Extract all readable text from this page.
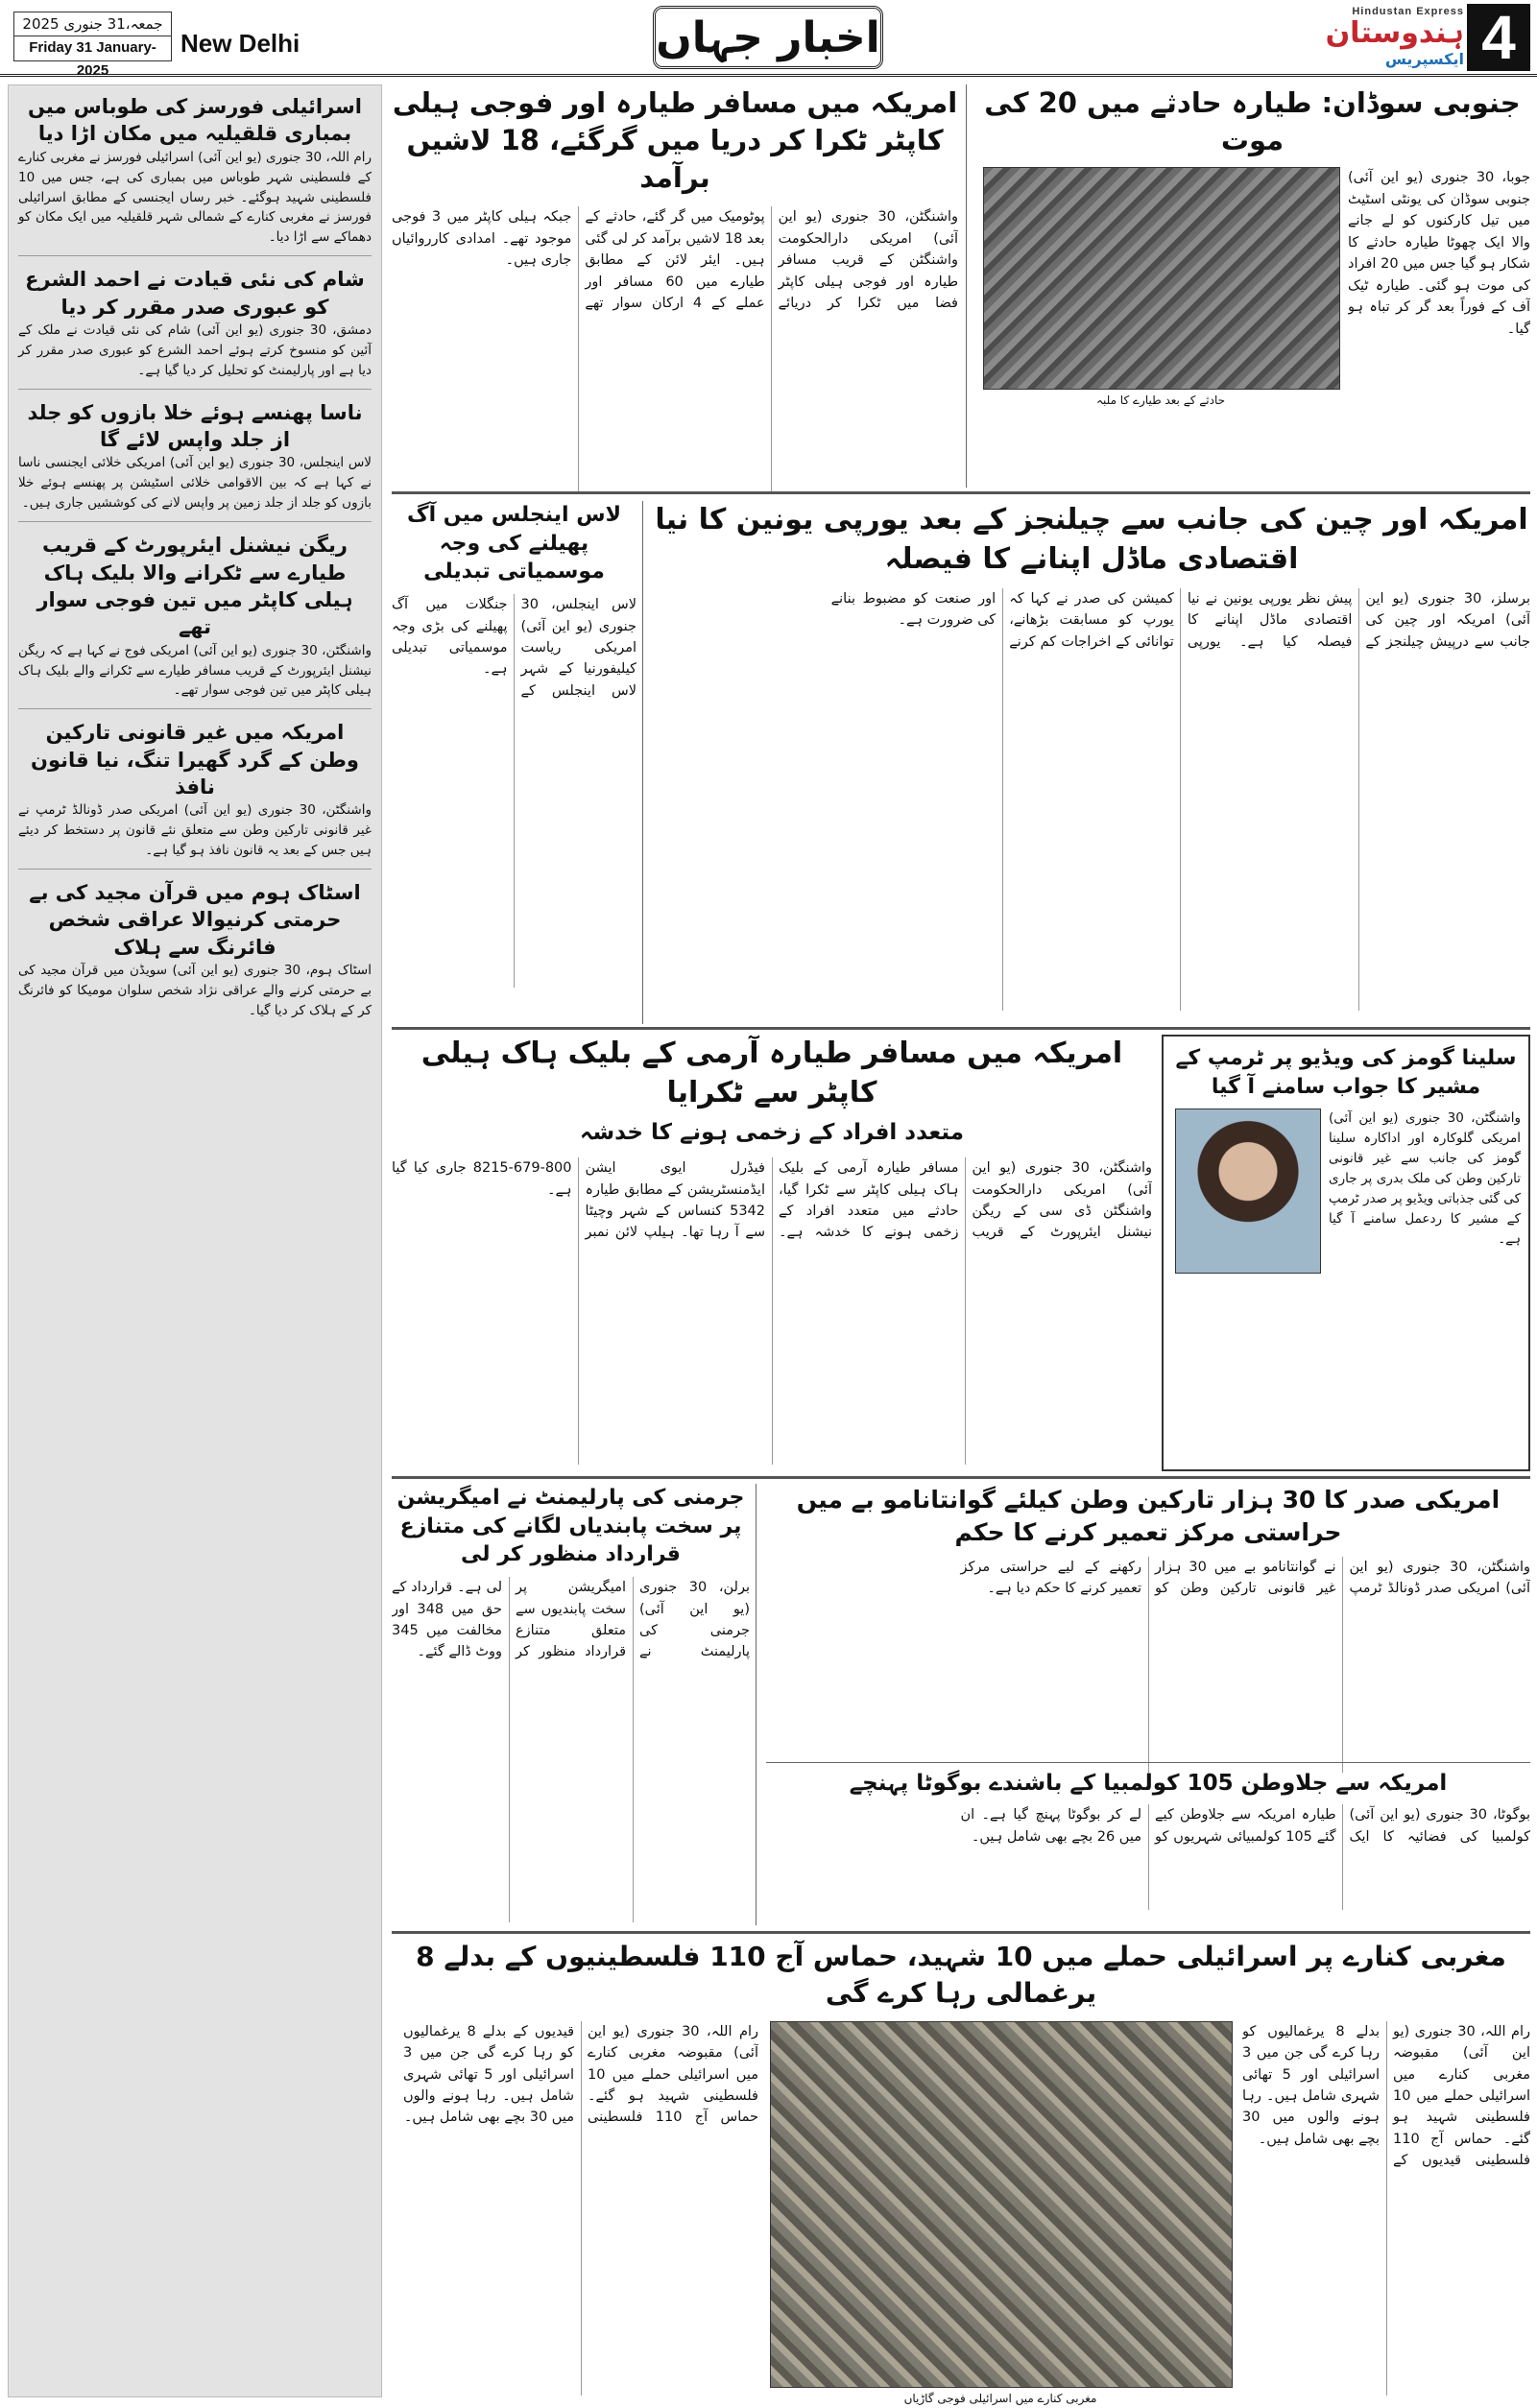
جمعہ،31 جنوری 2025
Friday 31 January-2025
New Delhi	اخبار جہاں
Hindustan Express
ہندوستان
ایکسپریس 4
اسرائیلی فورسز کی طوباس میں بمباری قلقیلیہ میں مکان اڑا دیا
رام اللہ، 30 جنوری (یو این آئی) اسرائیلی فورسز نے مغربی کنارے کے فلسطینی شہر طوباس میں بمباری کی ہے، جس میں 10 فلسطینی شہید ہوگئے۔ خبر رساں ایجنسی کے مطابق اسرائیلی فورسز نے مغربی کنارے کے شمالی شہر قلقیلیہ میں ایک مکان کو دھماکے سے اڑا دیا۔
شام کی نئی قیادت نے احمد الشرع کو عبوری صدر مقرر کر دیا
دمشق، 30 جنوری (یو این آئی) شام کی نئی قیادت نے ملک کے آئین کو منسوخ کرتے ہوئے احمد الشرع کو عبوری صدر مقرر کر دیا ہے اور پارلیمنٹ کو تحلیل کر دیا گیا ہے۔
ناسا پھنسے ہوئے خلا بازوں کو جلد از جلد واپس لائے گا
لاس اینجلس، 30 جنوری (یو این آئی) امریکی خلائی ایجنسی ناسا نے کہا ہے کہ بین الاقوامی خلائی اسٹیشن پر پھنسے ہوئے خلا بازوں کو جلد از جلد زمین پر واپس لانے کی کوششیں جاری ہیں۔
ریگن نیشنل ایئرپورٹ کے قریب طیارے سے ٹکرانے والا بلیک ہاک ہیلی کاپٹر میں تین فوجی سوار تھے
واشنگٹن، 30 جنوری (یو این آئی) امریکی فوج نے کہا ہے کہ ریگن نیشنل ایئرپورٹ کے قریب مسافر طیارے سے ٹکرانے والے بلیک ہاک ہیلی کاپٹر میں تین فوجی سوار تھے۔
امریکہ میں غیر قانونی تارکین وطن کے گرد گھیرا تنگ، نیا قانون نافذ
واشنگٹن، 30 جنوری (یو این آئی) امریکی صدر ڈونالڈ ٹرمپ نے غیر قانونی تارکین وطن سے متعلق نئے قانون پر دستخط کر دیئے ہیں جس کے بعد یہ قانون نافذ ہو گیا ہے۔
اسٹاک ہوم میں قرآن مجید کی بے حرمتی کرنیوالا عراقی شخص فائرنگ سے ہلاک
اسٹاک ہوم، 30 جنوری (یو این آئی) سویڈن میں قرآن مجید کی بے حرمتی کرنے والے عراقی نژاد شخص سلوان مومیکا کو فائرنگ کر کے ہلاک کر دیا گیا۔
امریکہ میں مسافر طیارہ اور فوجی ہیلی کاپٹر ٹکرا کر دریا میں گرگئے، 18 لاشیں برآمد
واشنگٹن، 30 جنوری (یو این آئی) امریکی دارالحکومت واشنگٹن کے قریب مسافر طیارہ اور فوجی ہیلی کاپٹر فضا میں ٹکرا کر دریائے پوٹومیک میں گر گئے، حادثے کے بعد 18 لاشیں برآمد کر لی گئی ہیں۔ ایئر لائن کے مطابق طیارے میں 60 مسافر اور عملے کے 4 ارکان سوار تھے جبکہ ہیلی کاپٹر میں 3 فوجی موجود تھے۔ امدادی کارروائیاں جاری ہیں۔
جنوبی سوڈان: طیارہ حادثے میں 20 کی موت
جوبا، 30 جنوری (یو این آئی) جنوبی سوڈان کی یونٹی اسٹیٹ میں تیل کارکنوں کو لے جانے والا ایک چھوٹا طیارہ حادثے کا شکار ہو گیا جس میں 20 افراد کی موت ہو گئی۔ طیارہ ٹیک آف کے فوراً بعد گر کر تباہ ہو گیا۔
حادثے کے بعد طیارے کا ملبہ
امریکہ اور چین کی جانب سے چیلنجز کے بعد یورپی یونین کا نیا اقتصادی ماڈل اپنانے کا فیصلہ
برسلز، 30 جنوری (یو این آئی) امریکہ اور چین کی جانب سے درپیش چیلنجز کے پیش نظر یورپی یونین نے نیا اقتصادی ماڈل اپنانے کا فیصلہ کیا ہے۔ یورپی کمیشن کی صدر نے کہا کہ یورپ کو مسابقت بڑھانے، توانائی کے اخراجات کم کرنے اور صنعت کو مضبوط بنانے کی ضرورت ہے۔
لاس اینجلس میں آگ پھیلنے کی وجہ موسمیاتی تبدیلی
لاس اینجلس، 30 جنوری (یو این آئی) امریکی ریاست کیلیفورنیا کے شہر لاس اینجلس کے جنگلات میں آگ پھیلنے کی بڑی وجہ موسمیاتی تبدیلی ہے۔
سلینا گومز کی ویڈیو پر ٹرمپ کے مشیر کا جواب سامنے آ گیا
واشنگٹن، 30 جنوری (یو این آئی) امریکی گلوکارہ اور اداکارہ سلینا گومز کی جانب سے غیر قانونی تارکین وطن کی ملک بدری پر جاری کی گئی جذباتی ویڈیو پر صدر ٹرمپ کے مشیر کا ردعمل سامنے آ گیا ہے۔
امریکہ میں مسافر طیارہ آرمی کے بلیک ہاک ہیلی کاپٹر سے ٹکرایا
متعدد افراد کے زخمی ہونے کا خدشہ
واشنگٹن، 30 جنوری (یو این آئی) امریکی دارالحکومت واشنگٹن ڈی سی کے ریگن نیشنل ایئرپورٹ کے قریب مسافر طیارہ آرمی کے بلیک ہاک ہیلی کاپٹر سے ٹکرا گیا، حادثے میں متعدد افراد کے زخمی ہونے کا خدشہ ہے۔ فیڈرل ایوی ایشن ایڈمنسٹریشن کے مطابق طیارہ 5342 کنساس کے شہر وچیٹا سے آ رہا تھا۔ ہیلپ لائن نمبر 800-679-8215 جاری کیا گیا ہے۔
جرمنی کی پارلیمنٹ نے امیگریشن پر سخت پابندیاں لگانے کی متنازع قرارداد منظور کر لی
برلن، 30 جنوری (یو این آئی) جرمنی کی پارلیمنٹ نے امیگریشن پر سخت پابندیوں سے متعلق متنازع قرارداد منظور کر لی ہے۔ قرارداد کے حق میں 348 اور مخالفت میں 345 ووٹ ڈالے گئے۔
امریکی صدر کا 30 ہزار تارکین وطن کیلئے گوانتانامو بے میں حراستی مرکز تعمیر کرنے کا حکم
واشنگٹن، 30 جنوری (یو این آئی) امریکی صدر ڈونالڈ ٹرمپ نے گوانتانامو بے میں 30 ہزار غیر قانونی تارکین وطن کو رکھنے کے لیے حراستی مرکز تعمیر کرنے کا حکم دیا ہے۔
امریکہ سے جلاوطن 105 کولمبیا کے باشندے بوگوٹا پہنچے
بوگوٹا، 30 جنوری (یو این آئی) کولمبیا کی فضائیہ کا ایک طیارہ امریکہ سے جلاوطن کیے گئے 105 کولمبیائی شہریوں کو لے کر بوگوٹا پہنچ گیا ہے۔ ان میں 26 بچے بھی شامل ہیں۔
مغربی کنارے پر اسرائیلی حملے میں 10 شہید، حماس آج 110 فلسطینیوں کے بدلے 8 یرغمالی رہا کرے گی
رام اللہ، 30 جنوری (یو این آئی) مقبوضہ مغربی کنارے میں اسرائیلی حملے میں 10 فلسطینی شہید ہو گئے۔ حماس آج 110 فلسطینی قیدیوں کے بدلے 8 یرغمالیوں کو رہا کرے گی جن میں 3 اسرائیلی اور 5 تھائی شہری شامل ہیں۔ رہا ہونے والوں میں 30 بچے بھی شامل ہیں۔
مغربی کنارے میں اسرائیلی فوجی گاڑیاں
رام اللہ، 30 جنوری (یو این آئی) مقبوضہ مغربی کنارے میں اسرائیلی حملے میں 10 فلسطینی شہید ہو گئے۔ حماس آج 110 فلسطینی قیدیوں کے بدلے 8 یرغمالیوں کو رہا کرے گی جن میں 3 اسرائیلی اور 5 تھائی شہری شامل ہیں۔ رہا ہونے والوں میں 30 بچے بھی شامل ہیں۔
